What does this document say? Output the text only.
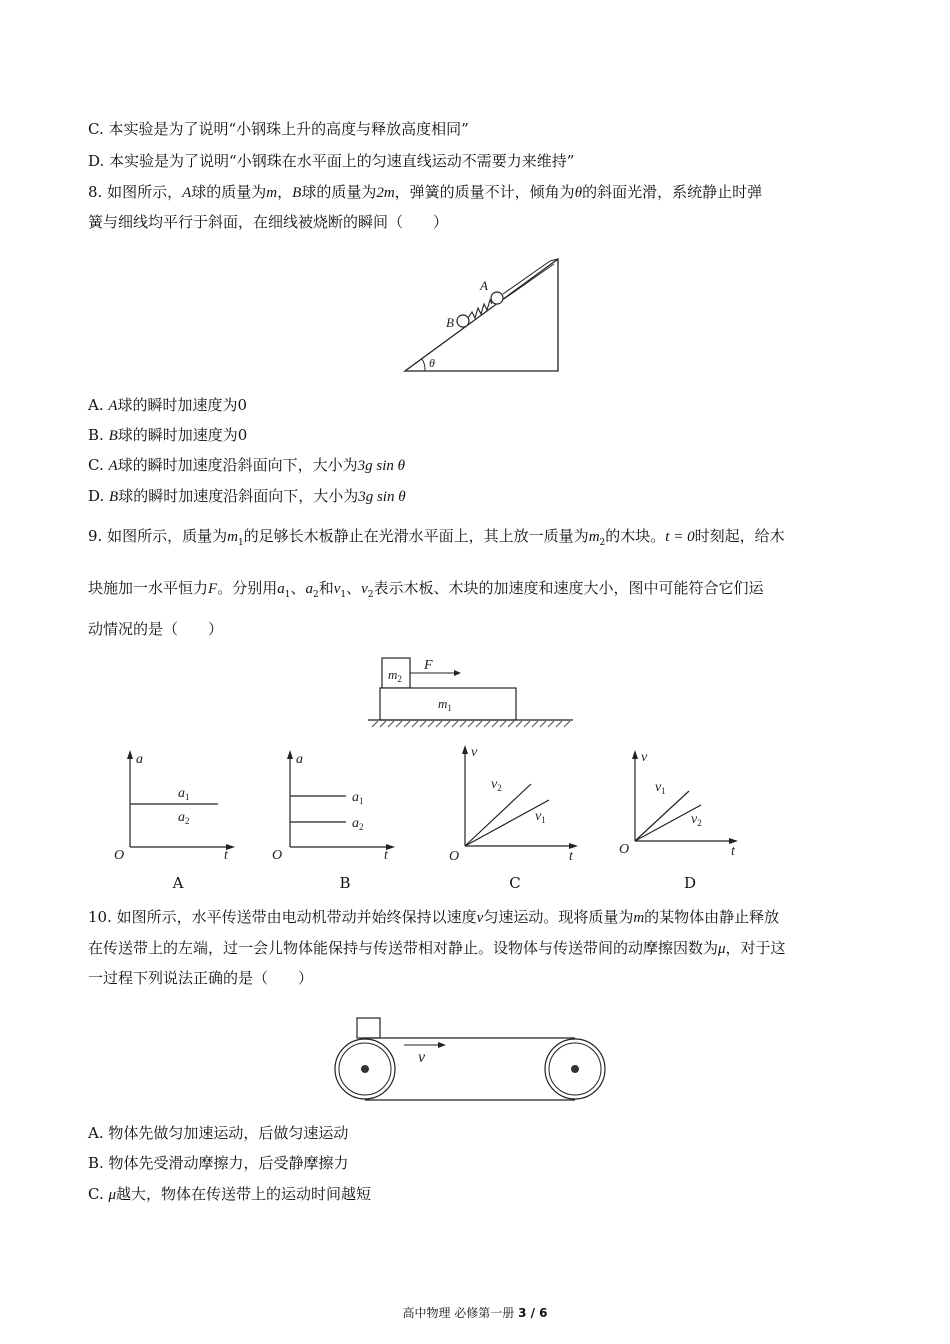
C. 本实验是为了说明“小钢珠上升的高度与释放高度相同”
D. 本实验是为了说明“小钢珠在水平面上的匀速直线运动不需要力来维持”
8. 如图所示，A球的质量为m，B球的质量为2m，弹簧的质量不计，倾角为θ的斜面光滑，系统静止时弹
簧与细线均平行于斜面，在细线被烧断的瞬间（　　）
A
B
θ
A. A球的瞬时加速度为0
B. B球的瞬时加速度为0
C. A球的瞬时加速度沿斜面向下，大小为3g sin θ
D. B球的瞬时加速度沿斜面向下，大小为3g sin θ
9. 如图所示，质量为$m_1$的足够长木板静止在光滑水平面上，其上放一质量为$m_2$的木块。t = 0时刻起，给木
块施加一水平恒力F。分别用$a_1$、$a_2$和$v_1$、$v_2$表示木板、木块的加速度和速度大小，图中可能符合它们运
动情况的是（　　）
F
$m_2$
$m_1$
a
t
O
$a_1$
$a_2$
A
a
t
O
$a_1$
$a_2$
B
v
t
O
$v_2$
$v_1$
C
v
t
O
$v_1$
$v_2$
D
10. 如图所示，水平传送带由电动机带动并始终保持以速度v匀速运动。现将质量为m的某物体由静止释放
在传送带上的左端，过一会儿物体能保持与传送带相对静止。设物体与传送带间的动摩擦因数为μ，对于这
一过程下列说法正确的是（　　）
v
A. 物体先做匀加速运动，后做匀速运动
B. 物体先受滑动摩擦力，后受静摩擦力
C. μ越大，物体在传送带上的运动时间越短
高中物理 必修第一册 3 / 6
